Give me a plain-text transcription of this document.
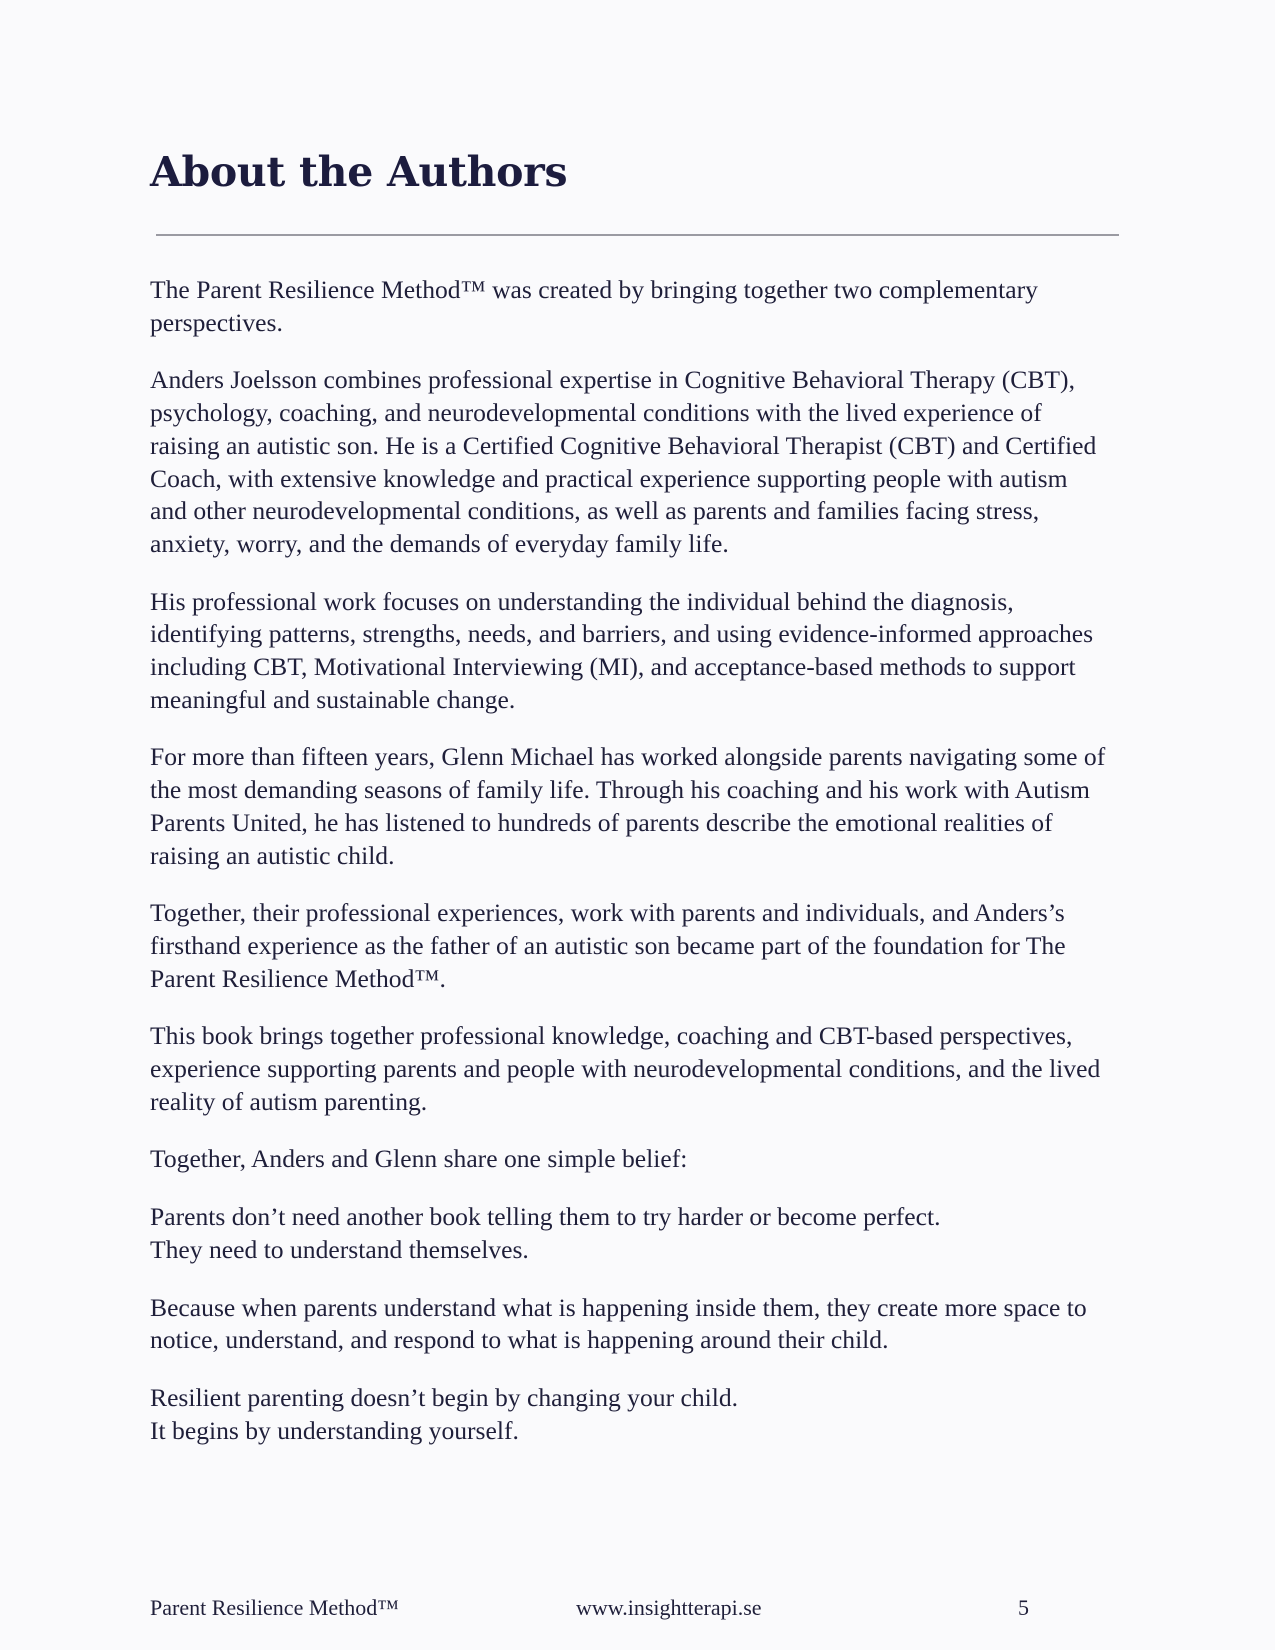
About the Authors

The Parent Resilience Method™ was created by bringing together two complementary perspectives.

Anders Joelsson combines professional expertise in Cognitive Behavioral Therapy (CBT), psychology, coaching, and neurodevelopmental conditions with the lived experience of raising an autistic son. He is a Certified Cognitive Behavioral Therapist (CBT) and Certified Coach, with extensive knowledge and practical experience supporting people with autism and other neurodevelopmental conditions, as well as parents and families facing stress, anxiety, worry, and the demands of everyday family life.

His professional work focuses on understanding the individual behind the diagnosis, identifying patterns, strengths, needs, and barriers, and using evidence-informed approaches including CBT, Motivational Interviewing (MI), and acceptance-based methods to support meaningful and sustainable change.

For more than fifteen years, Glenn Michael has worked alongside parents navigating some of the most demanding seasons of family life. Through his coaching and his work with Autism Parents United, he has listened to hundreds of parents describe the emotional realities of raising an autistic child.

Together, their professional experiences, work with parents and individuals, and Anders’s firsthand experience as the father of an autistic son became part of the foundation for The Parent Resilience Method™.

This book brings together professional knowledge, coaching and CBT-based perspectives, experience supporting parents and people with neurodevelopmental conditions, and the lived reality of autism parenting.

Together, Anders and Glenn share one simple belief:

Parents don’t need another book telling them to try harder or become perfect.
They need to understand themselves.

Because when parents understand what is happening inside them, they create more space to notice, understand, and respond to what is happening around their child.

Resilient parenting doesn’t begin by changing your child.
It begins by understanding yourself.

Parent Resilience Method™	www.insightterapi.se	5
